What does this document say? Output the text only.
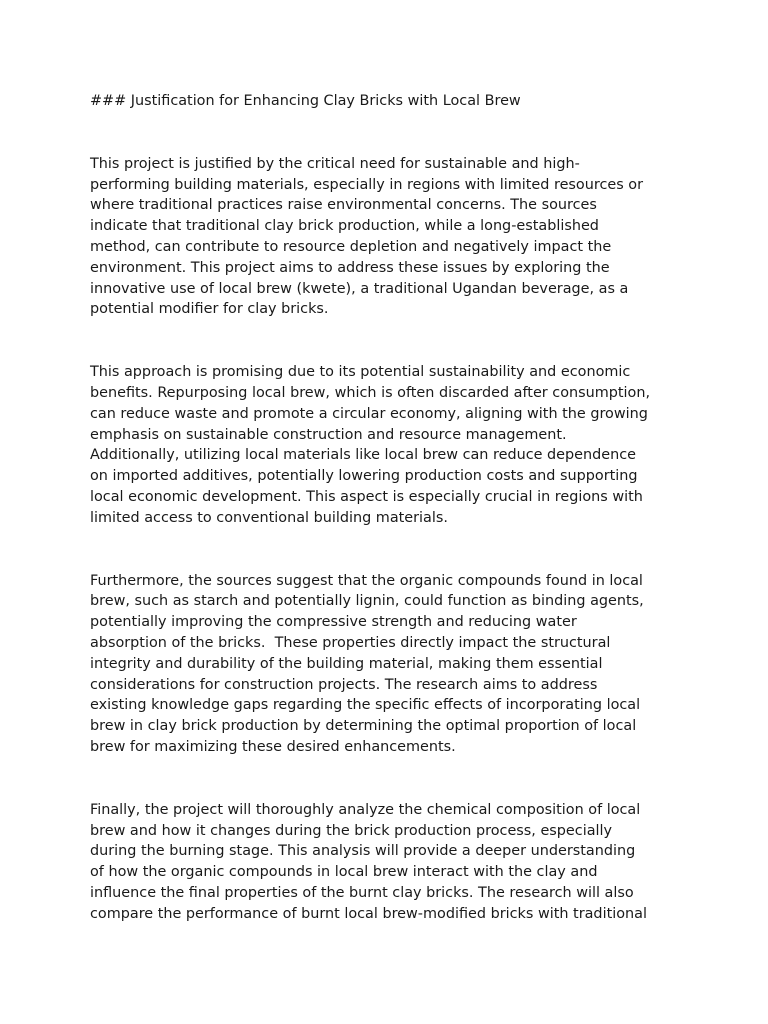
### Justification for Enhancing Clay Bricks with Local Brew
This project is justified by the critical need for sustainable and high-
performing building materials, especially in regions with limited resources or
where traditional practices raise environmental concerns. The sources
indicate that traditional clay brick production, while a long-established
method, can contribute to resource depletion and negatively impact the
environment. This project aims to address these issues by exploring the
innovative use of local brew (kwete), a traditional Ugandan beverage, as a
potential modifier for clay bricks.
This approach is promising due to its potential sustainability and economic
benefits. Repurposing local brew, which is often discarded after consumption,
can reduce waste and promote a circular economy, aligning with the growing
emphasis on sustainable construction and resource management.
Additionally, utilizing local materials like local brew can reduce dependence
on imported additives, potentially lowering production costs and supporting
local economic development. This aspect is especially crucial in regions with
limited access to conventional building materials.
Furthermore, the sources suggest that the organic compounds found in local
brew, such as starch and potentially lignin, could function as binding agents,
potentially improving the compressive strength and reducing water
absorption of the bricks.  These properties directly impact the structural
integrity and durability of the building material, making them essential
considerations for construction projects. The research aims to address
existing knowledge gaps regarding the specific effects of incorporating local
brew in clay brick production by determining the optimal proportion of local
brew for maximizing these desired enhancements.
Finally, the project will thoroughly analyze the chemical composition of local
brew and how it changes during the brick production process, especially
during the burning stage. This analysis will provide a deeper understanding
of how the organic compounds in local brew interact with the clay and
influence the final properties of the burnt clay bricks. The research will also
compare the performance of burnt local brew-modified bricks with traditional
